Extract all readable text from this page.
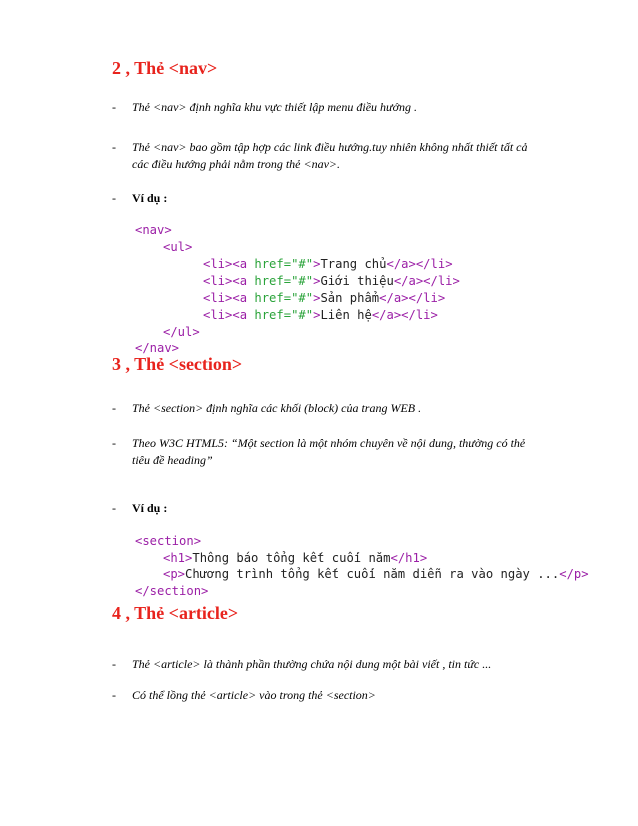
2 , Thẻ <nav>
- Thẻ <nav> định nghĩa khu vực thiết lập menu điều hướng .
- Thẻ <nav> bao gồm tập hợp các link điều hướng.tuy nhiên không nhất thiết tất cả
các điều hướng phải nằm trong thẻ <nav>.
- Ví dụ :
<nav>
<ul>
<li><a href="#">Trang chủ</a></li>
<li><a href="#">Giới thiệu</a></li>
<li><a href="#">Sản phẩm</a></li>
<li><a href="#">Liên hệ</a></li>
</ul>
</nav>
3 , Thẻ <section>
- Thẻ <section> định nghĩa các khối (block) của trang WEB .
- Theo W3C HTML5: “Một section là một nhóm chuyên về nội dung, thường có thẻ
tiêu đề heading”
- Ví dụ :
<section>
<h1>Thông báo tổng kết cuối năm</h1>
<p>Chương trình tổng kết cuối năm diễn ra vào ngày ...</p>
</section>
4 , Thẻ <article>
- Thẻ <article> là thành phần thường chứa nội dung một bài viết , tin tức ...
- Có thể lồng thẻ <article> vào trong thẻ <section>
